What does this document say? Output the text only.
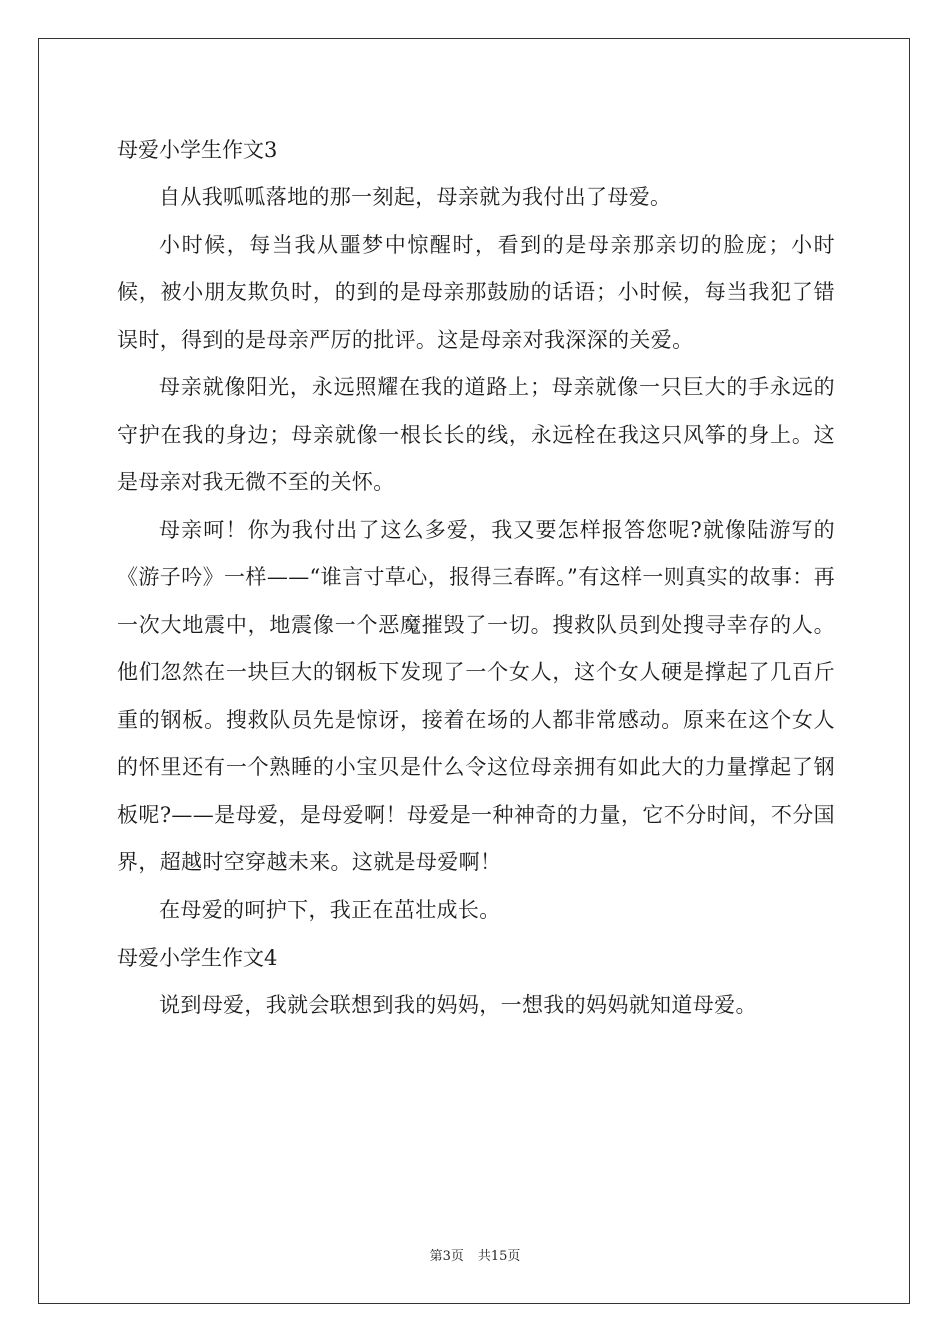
母爱小学生作文3

自从我呱呱落地的那一刻起，母亲就为我付出了母爱。

小时候，每当我从噩梦中惊醒时，看到的是母亲那亲切的脸庞；小时候，被小朋友欺负时，的到的是母亲那鼓励的话语；小时候，每当我犯了错误时，得到的是母亲严厉的批评。这是母亲对我深深的关爱。

母亲就像阳光，永远照耀在我的道路上；母亲就像一只巨大的手永远的守护在我的身边；母亲就像一根长长的线，永远栓在我这只风筝的身上。这是母亲对我无微不至的关怀。

母亲呵！你为我付出了这么多爱，我又要怎样报答您呢?就像陆游写的《游子吟》一样——“谁言寸草心，报得三春晖。”有这样一则真实的故事：再一次大地震中，地震像一个恶魔摧毁了一切。搜救队员到处搜寻幸存的人。他们忽然在一块巨大的钢板下发现了一个女人，这个女人硬是撑起了几百斤重的钢板。搜救队员先是惊讶，接着在场的人都非常感动。原来在这个女人的怀里还有一个熟睡的小宝贝是什么令这位母亲拥有如此大的力量撑起了钢板呢?——是母爱，是母爱啊！母爱是一种神奇的力量，它不分时间，不分国界，超越时空穿越未来。这就是母爱啊！

在母爱的呵护下，我正在茁壮成长。

母爱小学生作文4

说到母爱，我就会联想到我的妈妈，一想我的妈妈就知道母爱。

第3页 共15页
